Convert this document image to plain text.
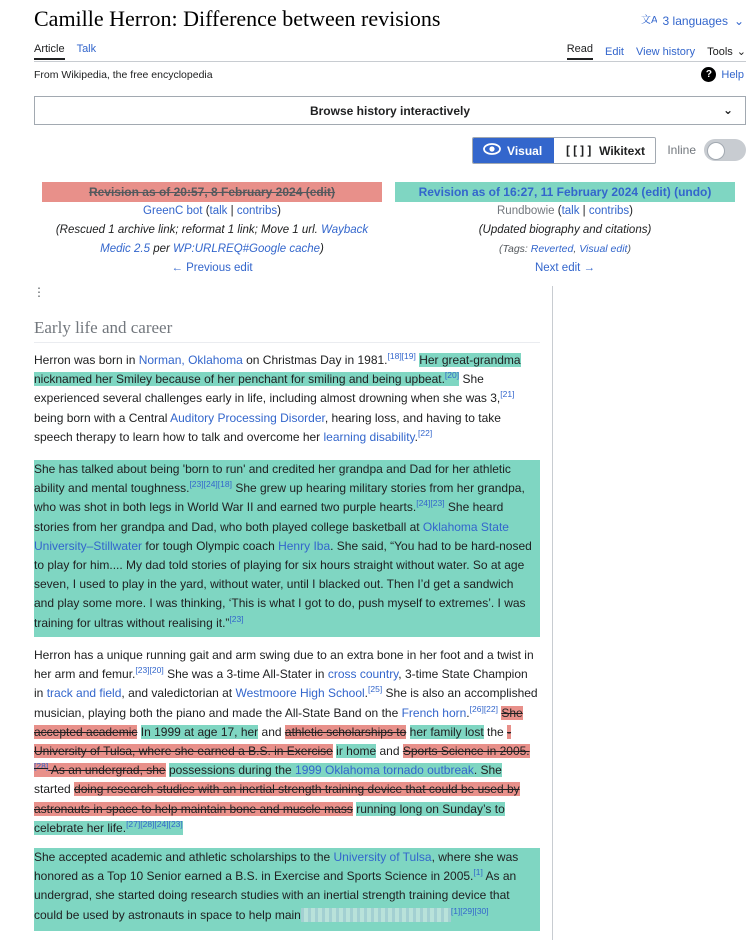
Camille Herron: Difference between revisions	文A 3 languages ⌄
Article Talk	Read Edit View history Tools ⌄
From Wikipedia, the free encyclopedia	? Help
Browse history interactively	⌄
Visual [[]] Wikitext Inline
Revision as of 20:57, 8 February 2024 (edit)
GreenC bot (talk | contribs)
(Rescued 1 archive link; reformat 1 link; Move 1 url. Wayback Medic 2.5 per WP:URLREQ#Google cache)
← Previous edit
Revision as of 16:27, 11 February 2024 (edit) (undo)
Rundbowie (talk | contribs)
(Updated biography and citations)
(Tags: Reverted, Visual edit)
Next edit →
⋮
Early life and career
Herron was born in Norman, Oklahoma on Christmas Day in 1981.[18][19] Her great-grandma nicknamed her Smiley because of her penchant for smiling and being upbeat.[20] She experienced several challenges early in life, including almost drowning when she was 3,[21] being born with a Central Auditory Processing Disorder, hearing loss, and having to take speech therapy to learn how to talk and overcome her learning disability.[22]
She has talked about being 'born to run' and credited her grandpa and Dad for her athletic ability and mental toughness.[23][24][18] She grew up hearing military stories from her grandpa, who was shot in both legs in World War II and earned two purple hearts.[24][23] She heard stories from her grandpa and Dad, who both played college basketball at Oklahoma State University–Stillwater for tough Olympic coach Henry Iba. She said, “You had to be hard-nosed to play for him.... My dad told stories of playing for six hours straight without water. So at age seven, I used to play in the yard, without water, until I blacked out. Then I’d get a sandwich and play some more. I was thinking, ‘This is what I got to do, push myself to extremes’. I was training for ultras without realising it.”[23]
Herron has a unique running gait and arm swing due to an extra bone in her foot and a twist in her arm and femur.[23][20] She was a 3-time All-Stater in cross country, 3-time State Champion in track and field, and valedictorian at Westmoore High School.[25] She is also an accomplished musician, playing both the piano and made the All-State Band on the French horn.[26][22] She accepted academic In 1999 at age 17, her and athletic scholarships to her family lost the - University of Tulsa, where she earned a B.S. in Exercise ir home and Sports Science in 2005.[28] As an undergrad, she possessions during the 1999 Oklahoma tornado outbreak. She started doing research studies with an inertial strength training device that could be used by astronauts in space to help maintain bone and muscle mass running long on Sunday’s to celebrate her life.[27][28][24][23]
She accepted academic and athletic scholarships to the University of Tulsa, where she was honored as a Top 10 Senior earned a B.S. in Exercise and Sports Science in 2005.[1] As an undergrad, she started doing research studies with an inertial strength training device that could be used by astronauts in space to help main	[1][29][30]
